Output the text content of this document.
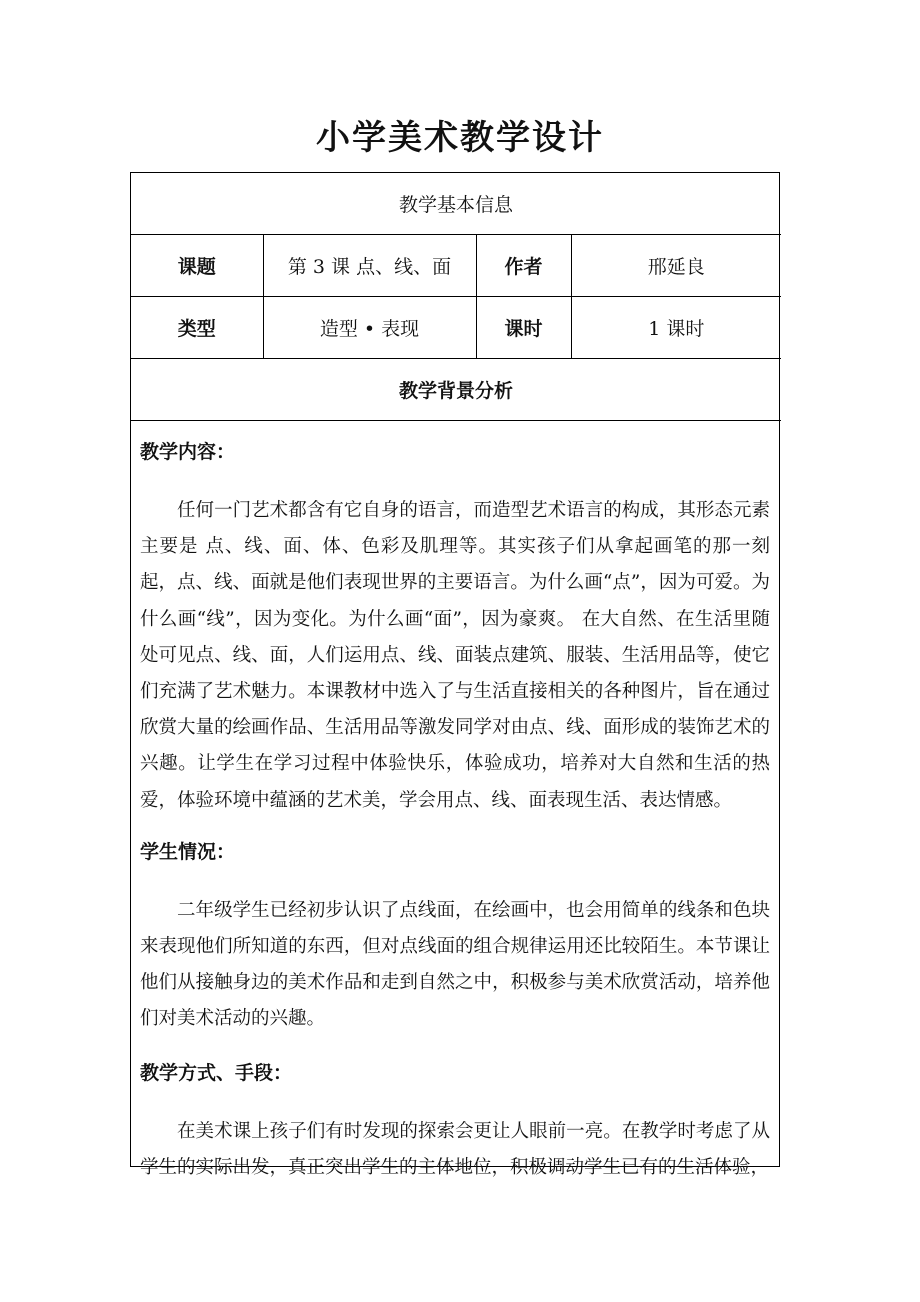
小学美术教学设计
教学基本信息			
课题	第 3 课 点、线、面	作者	邢延良
类型	造型 • 表现	课时	1 课时
教学背景分析			
教学内容：

任何一门艺术都含有它自身的语言，而造型艺术语言的构成，其形态元素主要是 点、线、面、体、色彩及肌理等。其实孩子们从拿起画笔的那一刻起，点、线、面就是他们表现世界的主要语言。为什么画“点”，因为可爱。为什么画“线”，因为变化。为什么画“面”，因为豪爽。 在大自然、在生活里随处可见点、线、面，人们运用点、线、面装点建筑、服装、生活用品等，使它们充满了艺术魅力。本课教材中选入了与生活直接相关的各种图片，旨在通过欣赏大量的绘画作品、生活用品等激发同学对由点、线、面形成的装饰艺术的兴趣。让学生在学习过程中体验快乐，体验成功，培养对大自然和生活的热爱，体验环境中蕴涵的艺术美，学会用点、线、面表现生活、表达情感。

学生情况：

二年级学生已经初步认识了点线面，在绘画中，也会用简单的线条和色块来表现他们所知道的东西，但对点线面的组合规律运用还比较陌生。本节课让他们从接触身边的美术作品和走到自然之中，积极参与美术欣赏活动，培养他们对美术活动的兴趣。

教学方式、手段：

在美术课上孩子们有时发现的探索会更让人眼前一亮。在教学时考虑了从学生的实际出发，真正突出学生的主体地位，积极调动学生已有的生活体验，
